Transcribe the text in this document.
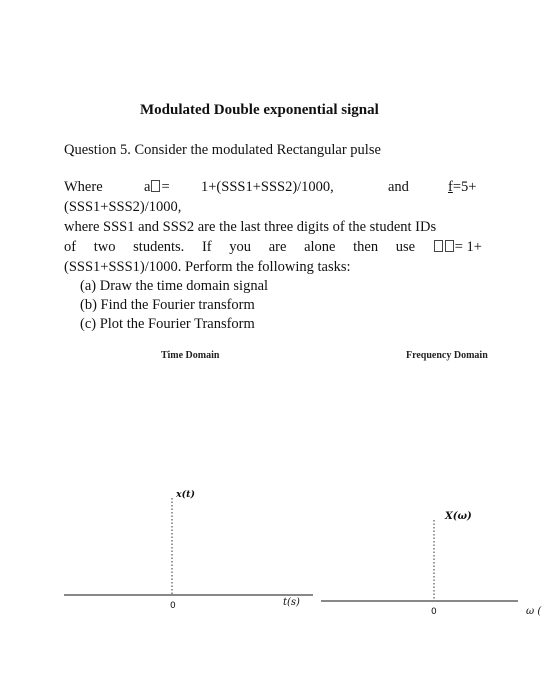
Modulated Double exponential signal
Question 5. Consider the modulated Rectangular pulse
Where	a = 1+(SSS1+SSS2)/1000,	and	f=5+
(SSS1+SSS2)/1000,
where SSS1 and SSS2 are the last three digits of the student IDs
of two students. If you are alone then use	= 1+
(SSS1+SSS1)/1000. Perform the following tasks:
(a) Draw the time domain signal
(b) Find the Fourier transform
(c) Plot the Fourier Transform
Time Domain	Frequency Domain
x(t)
t(s)
0
X(ω)
ω (
0
